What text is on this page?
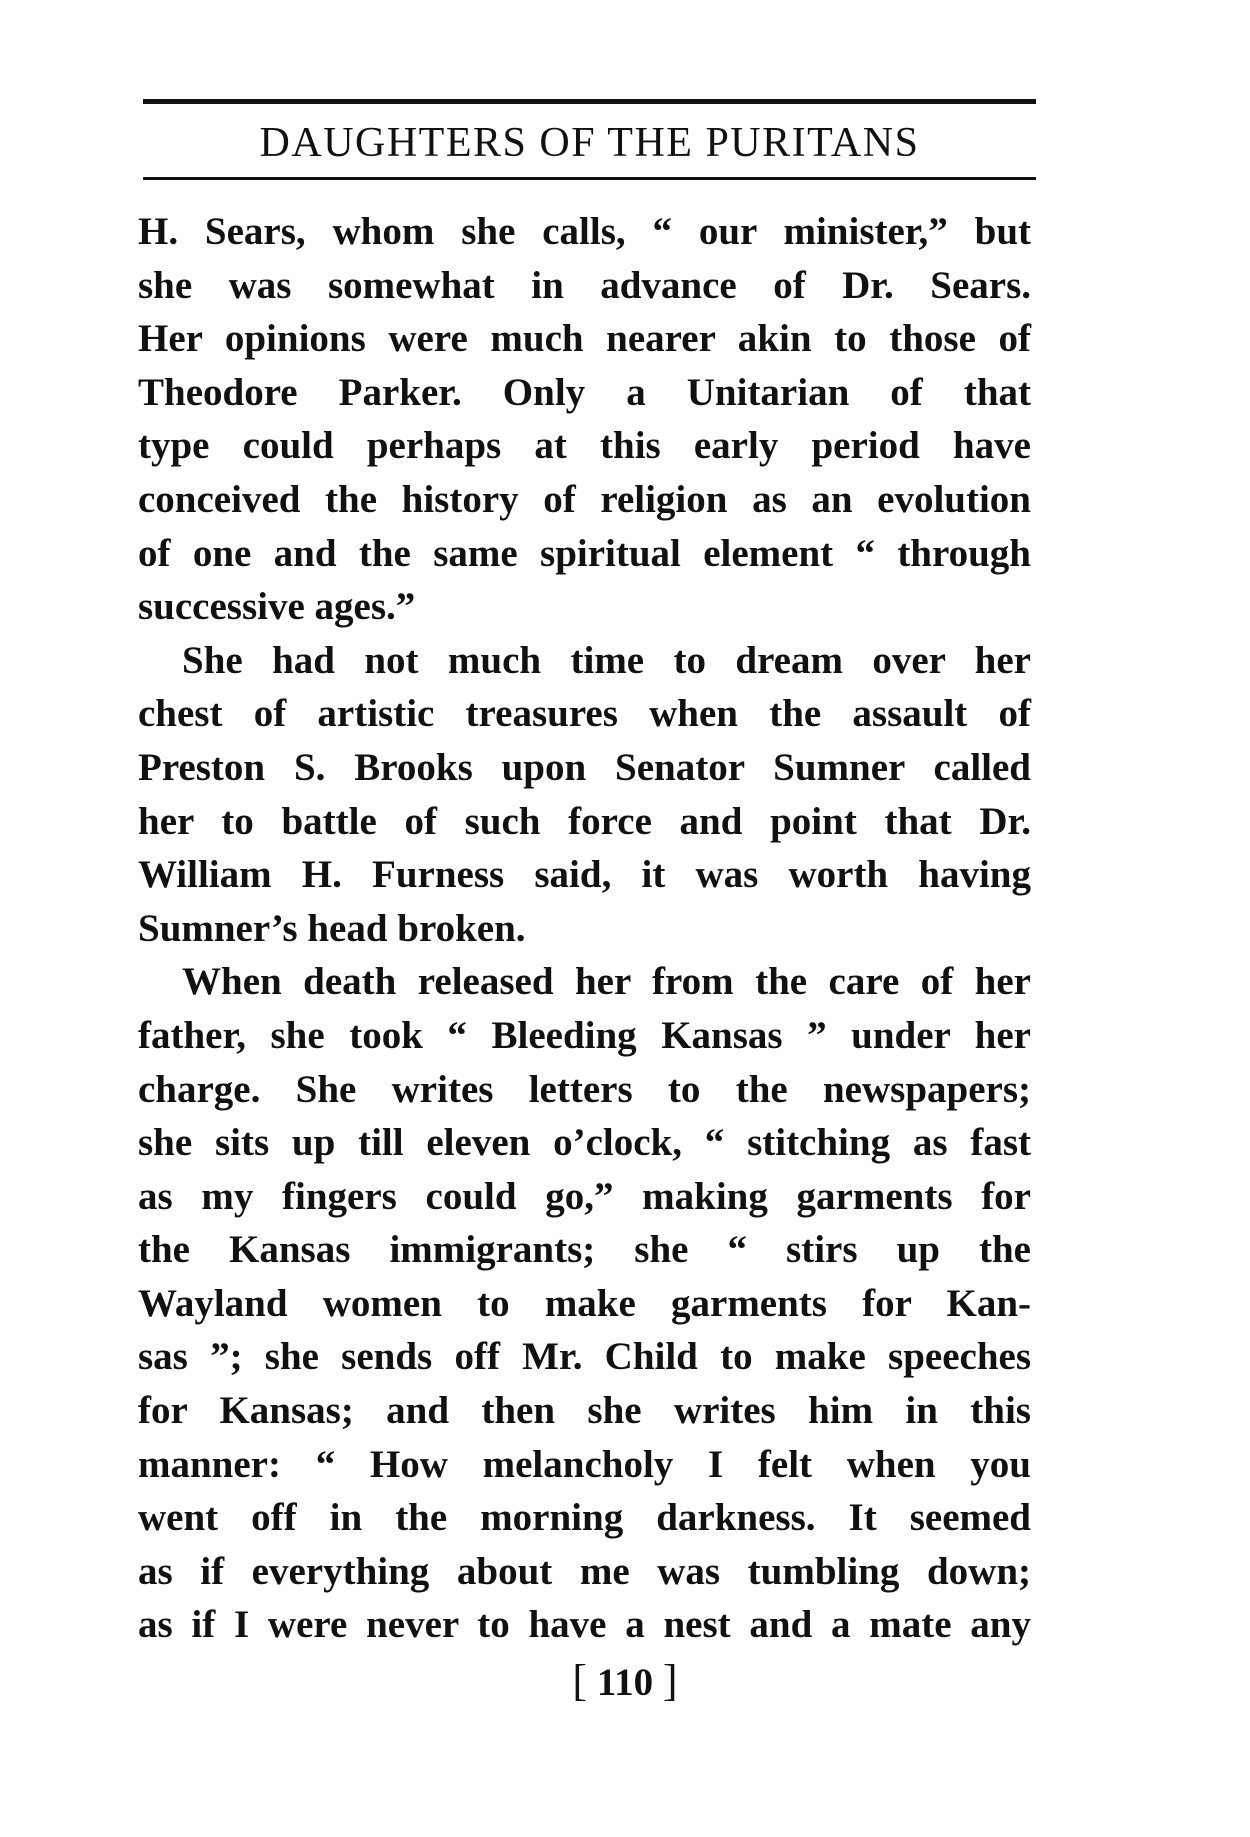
DAUGHTERS OF THE PURITANS
H. Sears, whom she calls, “ our minister,” but
she was somewhat in advance of Dr. Sears.
Her opinions were much nearer akin to those of
Theodore Parker. Only a Unitarian of that
type could perhaps at this early period have
conceived the history of religion as an evolution
of one and the same spiritual element “ through
successive ages.”
She had not much time to dream over her
chest of artistic treasures when the assault of
Preston S. Brooks upon Senator Sumner called
her to battle of such force and point that Dr.
William H. Furness said, it was worth having
Sumner’s head broken.
When death released her from the care of her
father, she took “ Bleeding Kansas ” under her
charge. She writes letters to the newspapers;
she sits up till eleven o’clock, “ stitching as fast
as my fingers could go,” making garments for
the Kansas immigrants; she “ stirs up the
Wayland women to make garments for Kan-
sas ”; she sends off Mr. Child to make speeches
for Kansas; and then she writes him in this
manner: “ How melancholy I felt when you
went off in the morning darkness. It seemed
as if everything about me was tumbling down;
as if I were never to have a nest and a mate any
[ 110 ]
